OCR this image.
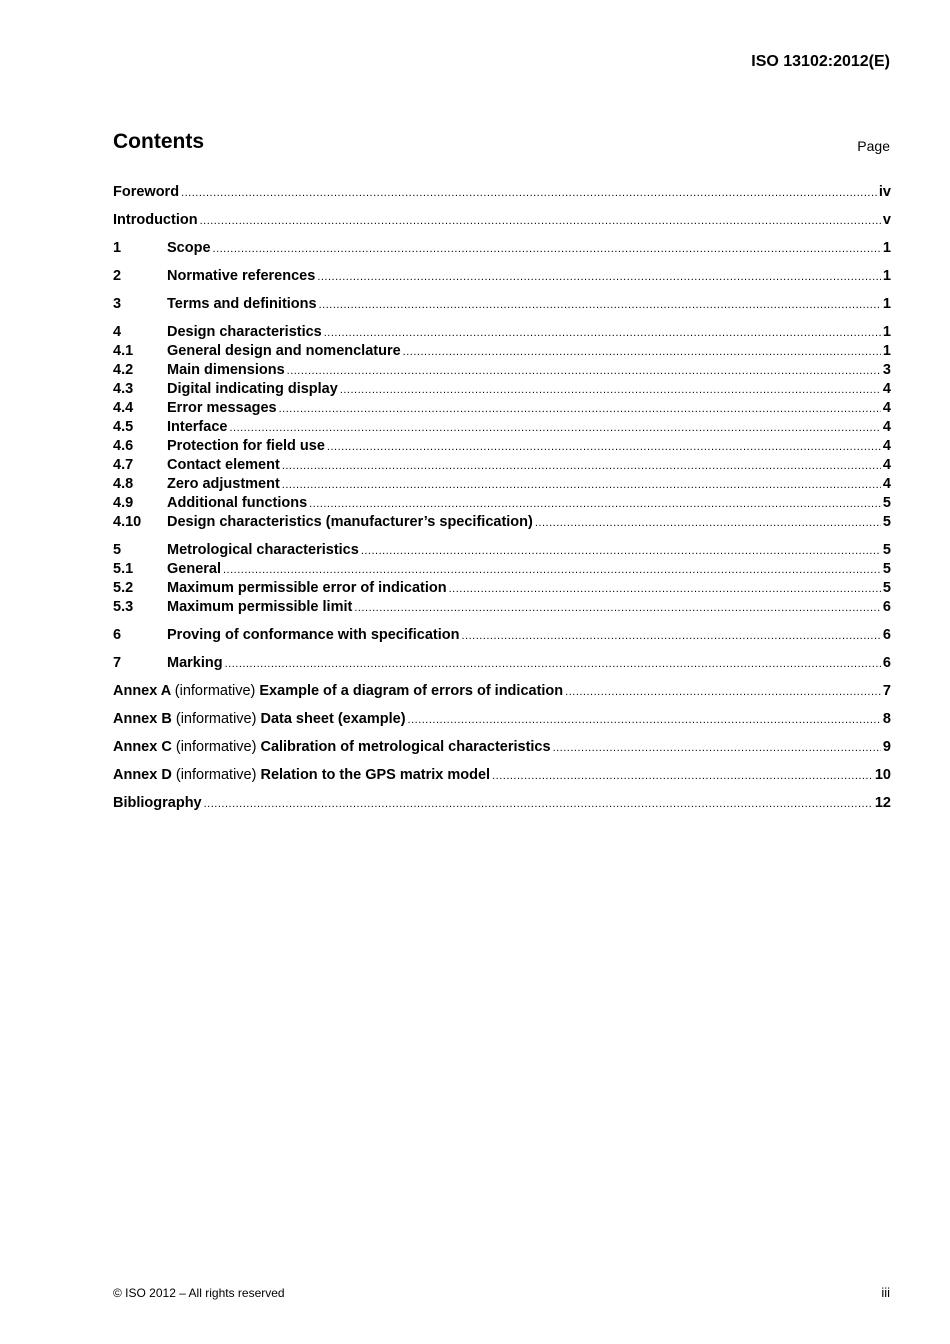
ISO 13102:2012(E)
Contents	Page
Foreword .....	iv
Introduction .....	v
1	Scope .....	1
2	Normative references .....	1
3	Terms and definitions .....	1
4	Design characteristics .....	1
4.1	General design and nomenclature .....	1
4.2	Main dimensions .....	3
4.3	Digital indicating display .....	4
4.4	Error messages .....	4
4.5	Interface .....	4
4.6	Protection for field use .....	4
4.7	Contact element .....	4
4.8	Zero adjustment .....	4
4.9	Additional functions .....	5
4.10	Design characteristics (manufacturer’s specification) .....	5
5	Metrological characteristics .....	5
5.1	General .....	5
5.2	Maximum permissible error of indication .....	5
5.3	Maximum permissible limit .....	6
6	Proving of conformance with specification .....	6
7	Marking .....	6
Annex A (informative) Example of a diagram of errors of indication .....	7
Annex B (informative) Data sheet (example) .....	8
Annex C (informative) Calibration of metrological characteristics .....	9
Annex D (informative) Relation to the GPS matrix model .....	10
Bibliography .....	12
© ISO 2012 – All rights reserved	iii
